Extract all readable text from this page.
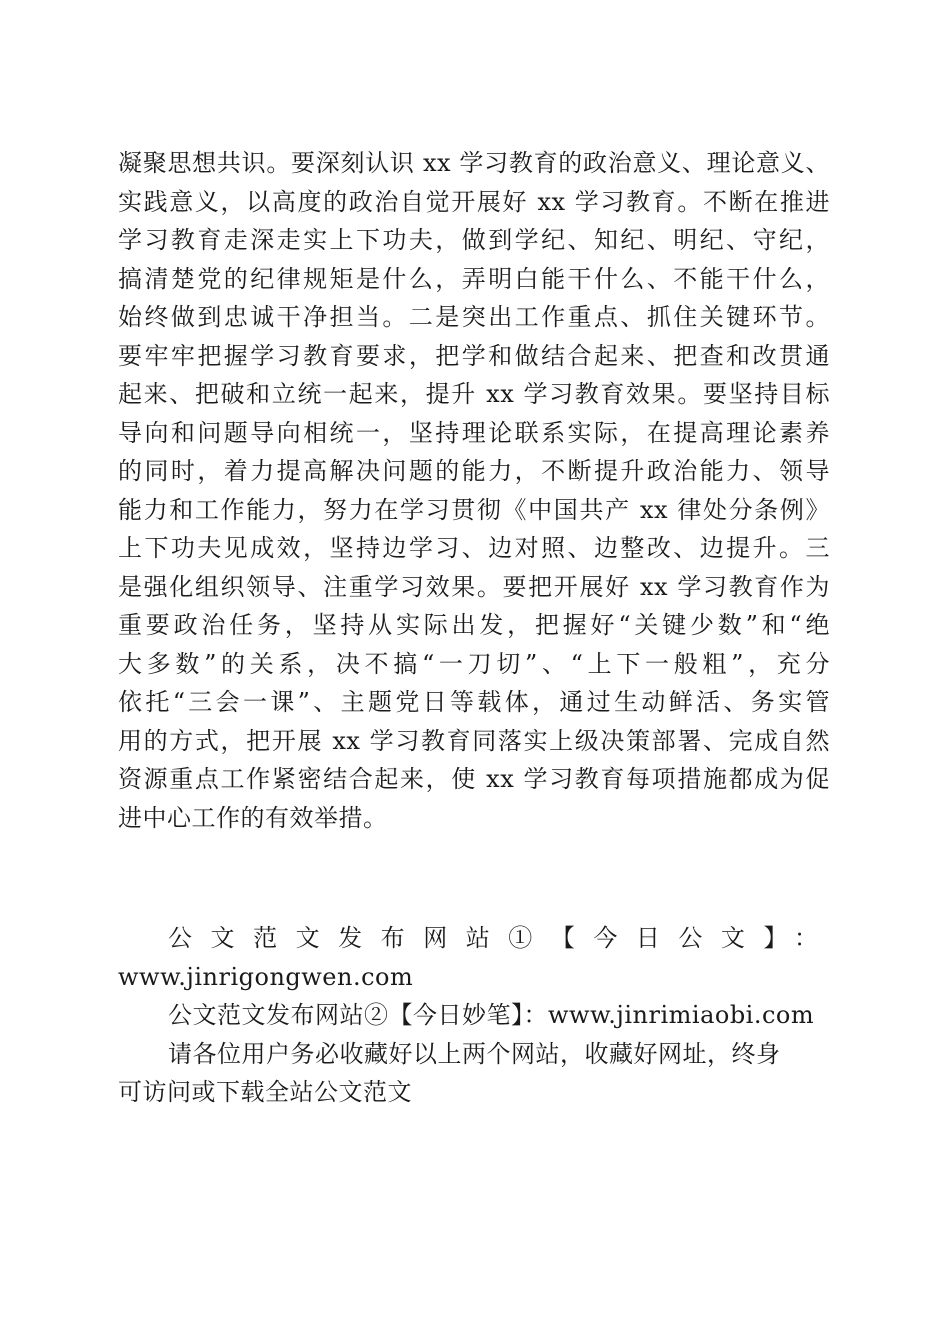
凝聚思想共识。要深刻认识 xx 学习教育的政治意义、理论意义、
实践意义，以高度的政治自觉开展好 xx 学习教育。不断在推进
学习教育走深走实上下功夫，做到学纪、知纪、明纪、守纪，
搞清楚党的纪律规矩是什么，弄明白能干什么、不能干什么，
始终做到忠诚干净担当。二是突出工作重点、抓住关键环节。
要牢牢把握学习教育要求，把学和做结合起来、把查和改贯通
起来、把破和立统一起来，提升 xx 学习教育效果。要坚持目标
导向和问题导向相统一，坚持理论联系实际，在提高理论素养
的同时，着力提高解决问题的能力，不断提升政治能力、领导
能力和工作能力，努力在学习贯彻《中国共产 xx 律处分条例》
上下功夫见成效，坚持边学习、边对照、边整改、边提升。三
是强化组织领导、注重学习效果。要把开展好 xx 学习教育作为
重要政治任务，坚持从实际出发，把握好“关键少数”和“绝
大多数”的关系，决不搞“一刀切”、“上下一般粗”，充分
依托“三会一课”、主题党日等载体，通过生动鲜活、务实管
用的方式，把开展 xx 学习教育同落实上级决策部署、完成自然
资源重点工作紧密结合起来，使 xx 学习教育每项措施都成为促
进中心工作的有效举措。
公文范文发布网站①【今日公文】：
www.jinrigongwen.com
公文范文发布网站②【今日妙笔】：www.jinrimiaobi.com
请各位用户务必收藏好以上两个网站，收藏好网址，终身
可访问或下载全站公文范文
